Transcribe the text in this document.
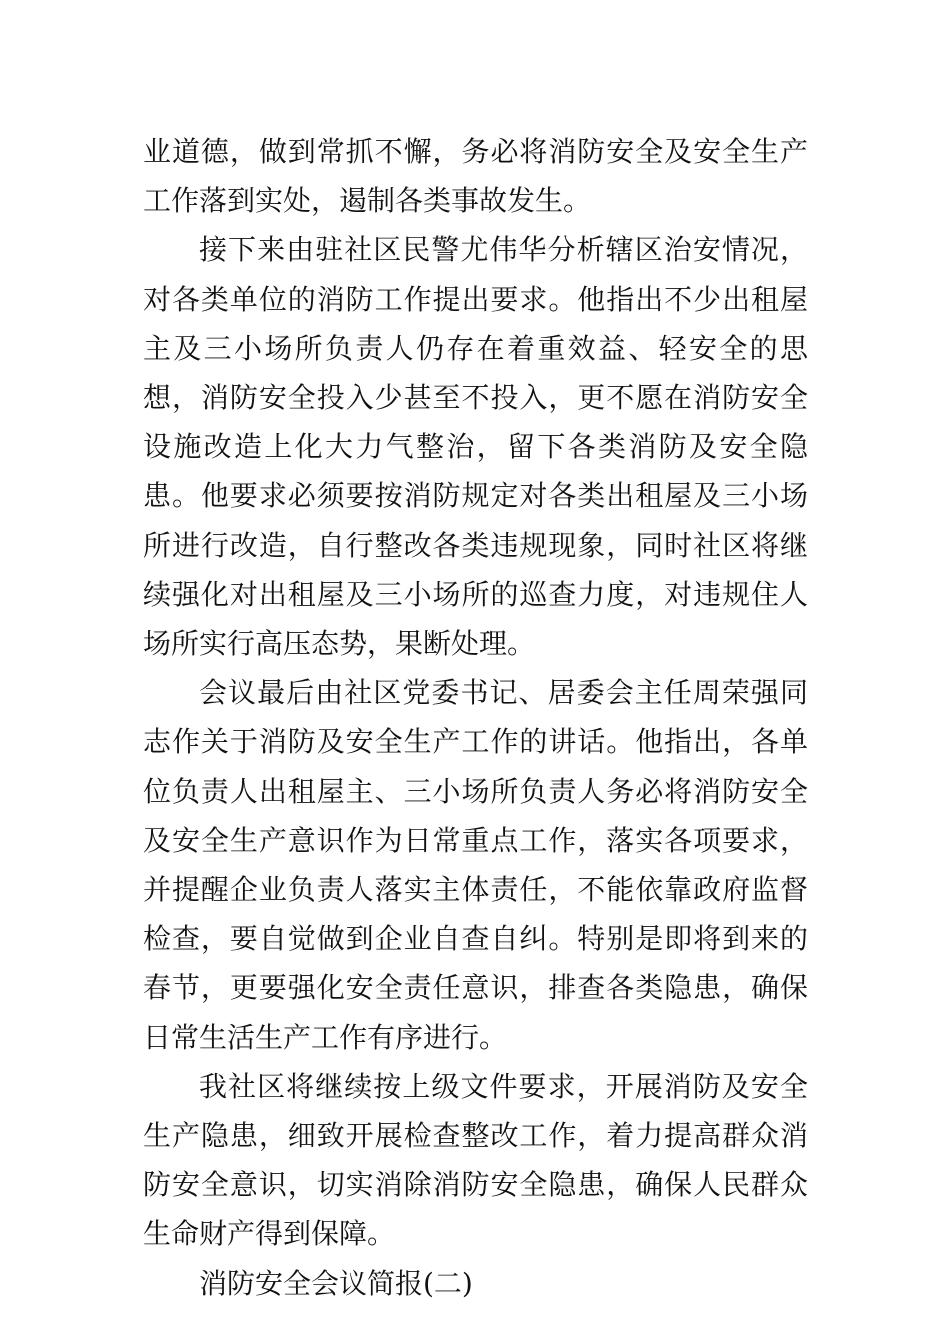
业道德，做到常抓不懈，务必将消防安全及安全生产工作落到实处，遏制各类事故发生。

接下来由驻社区民警尤伟华分析辖区治安情况，对各类单位的消防工作提出要求。他指出不少出租屋主及三小场所负责人仍存在着重效益、轻安全的思想，消防安全投入少甚至不投入，更不愿在消防安全设施改造上化大力气整治，留下各类消防及安全隐患。他要求必须要按消防规定对各类出租屋及三小场所进行改造，自行整改各类违规现象，同时社区将继续强化对出租屋及三小场所的巡查力度，对违规住人场所实行高压态势，果断处理。

会议最后由社区党委书记、居委会主任周荣强同志作关于消防及安全生产工作的讲话。他指出，各单位负责人出租屋主、三小场所负责人务必将消防安全及安全生产意识作为日常重点工作，落实各项要求，并提醒企业负责人落实主体责任，不能依靠政府监督检查，要自觉做到企业自查自纠。特别是即将到来的春节，更要强化安全责任意识，排查各类隐患，确保日常生活生产工作有序进行。

我社区将继续按上级文件要求，开展消防及安全生产隐患，细致开展检查整改工作，着力提高群众消防安全意识，切实消除消防安全隐患，确保人民群众生命财产得到保障。

消防安全会议简报(二)
